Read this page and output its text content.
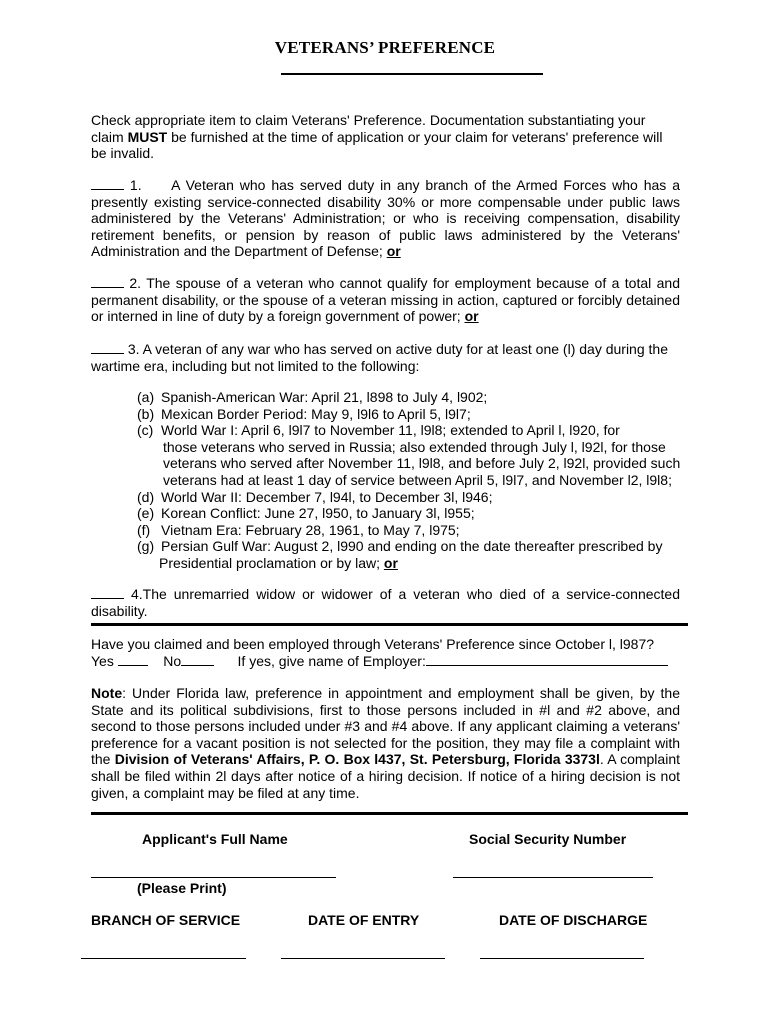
VETERANS’ PREFERENCE
Check appropriate item to claim Veterans' Preference. Documentation substantiating your claim MUST be furnished at the time of application or your claim for veterans' preference will be invalid.
1. A Veteran who has served duty in any branch of the Armed Forces who has a presently existing service-connected disability 30% or more compensable under public laws administered by the Veterans' Administration; or who is receiving compensation, disability retirement benefits, or pension by reason of public laws administered by the Veterans' Administration and the Department of Defense; or
2. The spouse of a veteran who cannot qualify for employment because of a total and permanent disability, or the spouse of a veteran missing in action, captured or forcibly detained or interned in line of duty by a foreign government of power; or
3. A veteran of any war who has served on active duty for at least one (l) day during the wartime era, including but not limited to the following:
(a) Spanish-American War: April 21, l898 to July 4, l902;
(b) Mexican Border Period: May 9, l9l6 to April 5, l9l7;
(c) World War I: April 6, l9l7 to November 11, l9l8; extended to April l, l920, for
those veterans who served in Russia; also extended through July l, l92l, for those veterans who served after November 11, l9l8, and before July 2, l92l, provided such veterans had at least 1 day of service between April 5, l9l7, and November l2, l9l8;
(d) World War II: December 7, l94l, to December 3l, l946;
(e) Korean Conflict: June 27, l950, to January 3l, l955;
(f) Vietnam Era: February 28, 1961, to May 7, l975;
(g) Persian Gulf War: August 2, l990 and ending on the date thereafter prescribed by
Presidential proclamation or by law; or
4.The unremarried widow or widower of a veteran who died of a service-connected disability.
Have you claimed and been employed through Veterans' Preference since October l, l987?
Yes	No	If yes, give name of Employer:
Note: Under Florida law, preference in appointment and employment shall be given, by the State and its political subdivisions, first to those persons included in #l and #2 above, and second to those persons included under #3 and #4 above. If any applicant claiming a veterans' preference for a vacant position is not selected for the position, they may file a complaint with the Division of Veterans' Affairs, P. O. Box l437, St. Petersburg, Florida 3373l. A complaint shall be filed within 2l days after notice of a hiring decision. If notice of a hiring decision is not given, a complaint may be filed at any time.
Applicant's Full Name	Social Security Number
(Please Print)
BRANCH OF SERVICE	DATE OF ENTRY	DATE OF DISCHARGE
